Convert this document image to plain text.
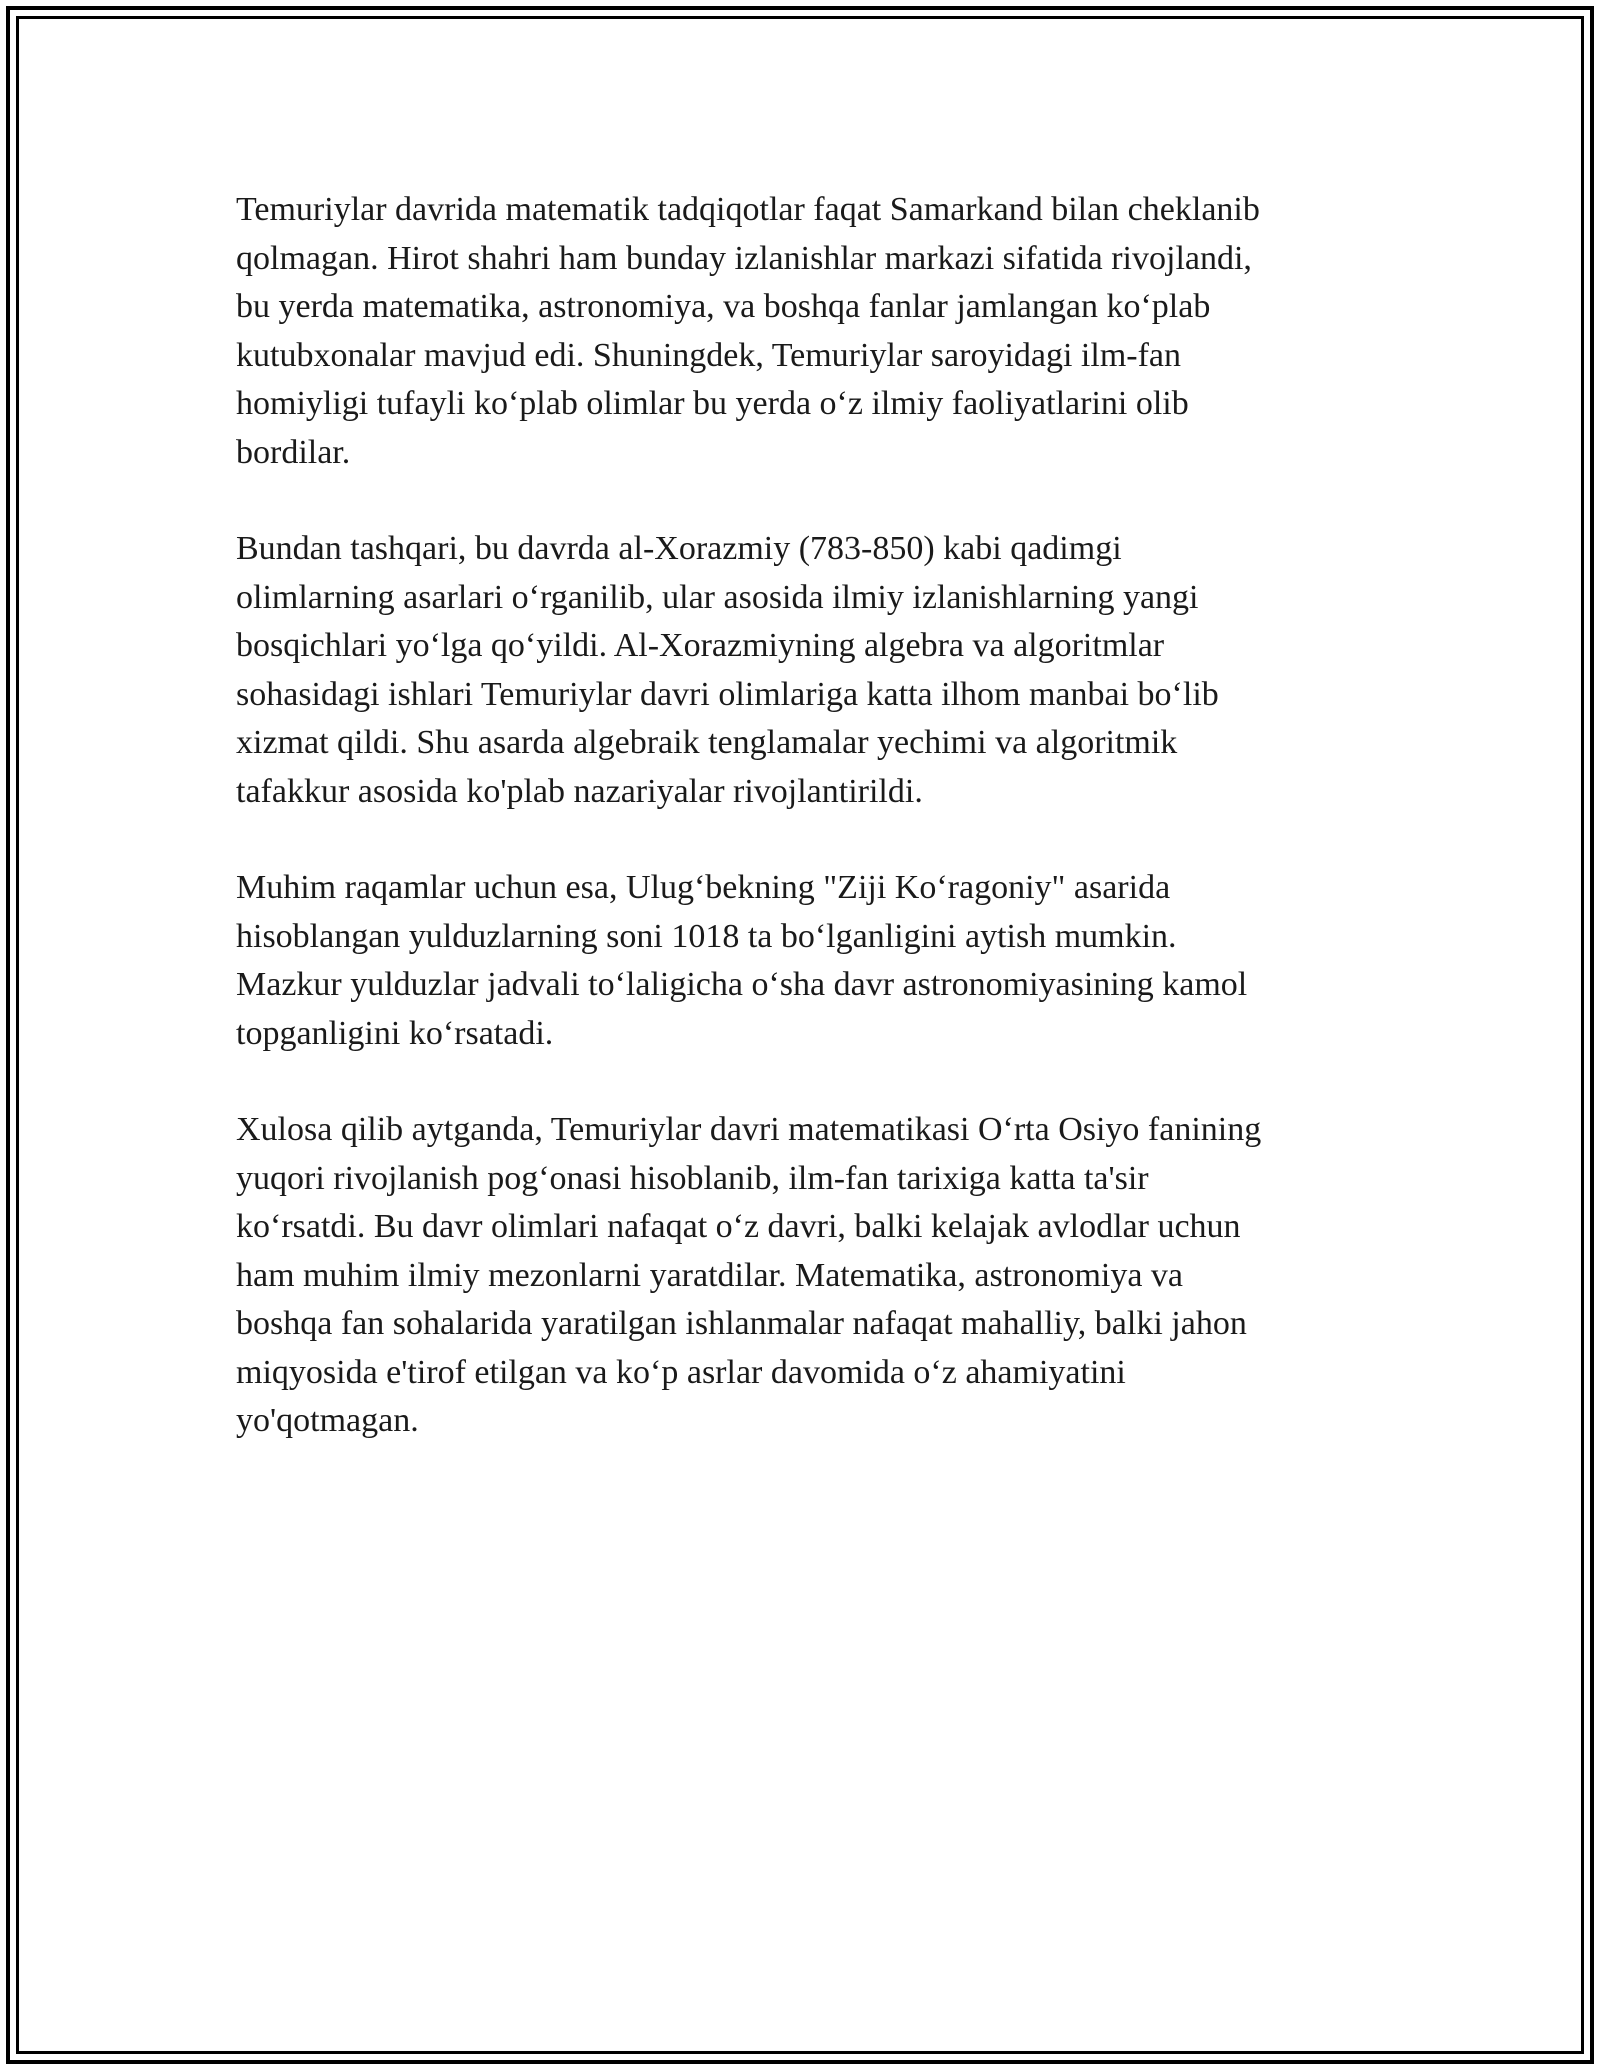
Temuriylar davrida matematik tadqiqotlar faqat Samarkand bilan cheklanib
qolmagan. Hirot shahri ham bunday izlanishlar markazi sifatida rivojlandi,
bu yerda matematika, astronomiya, va boshqa fanlar jamlangan ko‘plab
kutubxonalar mavjud edi. Shuningdek, Temuriylar saroyidagi ilm-fan
homiyligi tufayli ko‘plab olimlar bu yerda o‘z ilmiy faoliyatlarini olib
bordilar.

Bundan tashqari, bu davrda al-Xorazmiy (783-850) kabi qadimgi
olimlarning asarlari o‘rganilib, ular asosida ilmiy izlanishlarning yangi
bosqichlari yo‘lga qo‘yildi. Al-Xorazmiyning algebra va algoritmlar
sohasidagi ishlari Temuriylar davri olimlariga katta ilhom manbai bo‘lib
xizmat qildi. Shu asarda algebraik tenglamalar yechimi va algoritmik
tafakkur asosida ko'plab nazariyalar rivojlantirildi.

Muhim raqamlar uchun esa, Ulug‘bekning "Ziji Ko‘ragoniy" asarida
hisoblangan yulduzlarning soni 1018 ta bo‘lganligini aytish mumkin.
Mazkur yulduzlar jadvali to‘laligicha o‘sha davr astronomiyasining kamol
topganligini ko‘rsatadi.

Xulosa qilib aytganda, Temuriylar davri matematikasi O‘rta Osiyo fanining
yuqori rivojlanish pog‘onasi hisoblanib, ilm-fan tarixiga katta ta'sir
ko‘rsatdi. Bu davr olimlari nafaqat o‘z davri, balki kelajak avlodlar uchun
ham muhim ilmiy mezonlarni yaratdilar. Matematika, astronomiya va
boshqa fan sohalarida yaratilgan ishlanmalar nafaqat mahalliy, balki jahon
miqyosida e'tirof etilgan va ko‘p asrlar davomida o‘z ahamiyatini
yo'qotmagan.
